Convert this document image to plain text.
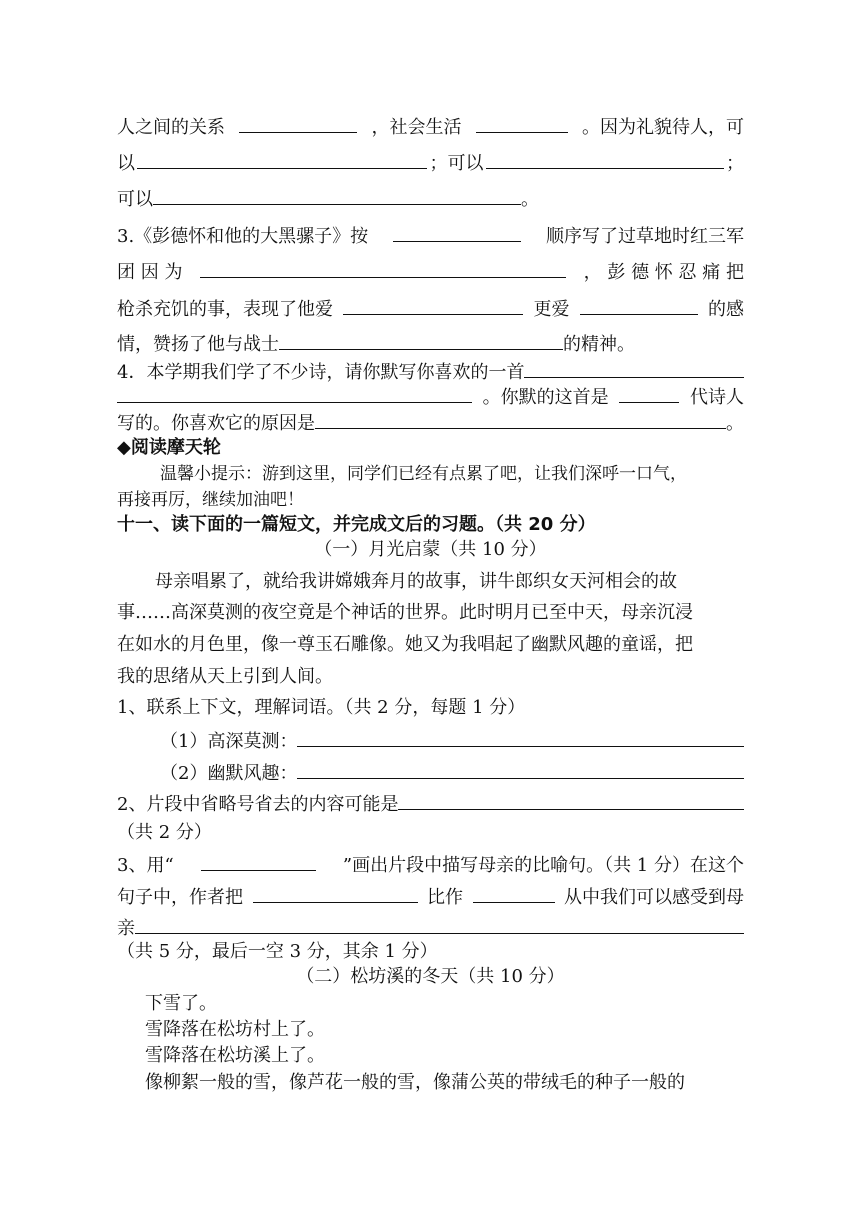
人之间的关系	，社会生活	。因为礼貌待人，可
以	；可以	；
可以	。
3.《彭德怀和他的大黑骡子》按	顺序写了过草地时红三军
团 因 为	， 彭 德 怀 忍 痛 把
枪杀充饥的事，表现了他爱	更爱	的感
情，赞扬了他与战士	的精神。
4．本学期我们学了不少诗，请你默写你喜欢的一首
。你默的这首是	代诗人
写的。你喜欢它的原因是	。
◆阅读摩天轮
温馨小提示：游到这里，同学们已经有点累了吧，让我们深呼一口气，
再接再厉，继续加油吧！
十一、读下面的一篇短文，并完成文后的习题。（共 20 分）
（一）月光启蒙（共 10 分）
母亲唱累了，就给我讲嫦娥奔月的故事，讲牛郎织女天河相会的故
事……高深莫测的夜空竟是个神话的世界。此时明月已至中天，母亲沉浸
在如水的月色里，像一尊玉石雕像。她又为我唱起了幽默风趣的童谣，把
我的思绪从天上引到人间。
1、联系上下文，理解词语。（共 2 分，每题 1 分）
（1）高深莫测：
（2）幽默风趣：
2、片段中省略号省去的内容可能是
（共 2 分）
3、用“	”画出片段中描写母亲的比喻句。（共 1 分）在这个
句子中，作者把	比作	从中我们可以感受到母
亲
（共 5 分，最后一空 3 分，其余 1 分）
（二）松坊溪的冬天（共 10 分）
下雪了。
雪降落在松坊村上了。
雪降落在松坊溪上了。
像柳絮一般的雪，像芦花一般的雪，像蒲公英的带绒毛的种子一般的
